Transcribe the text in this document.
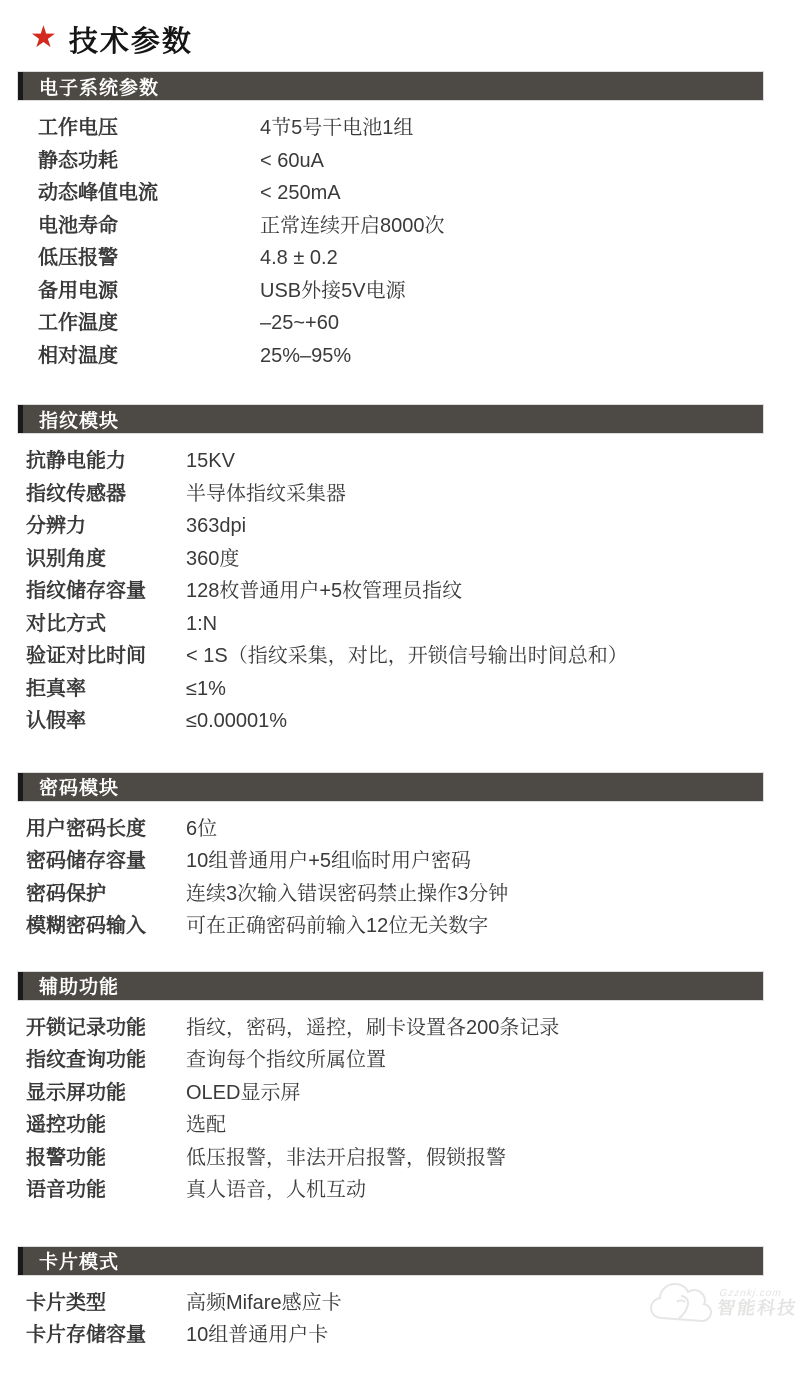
★ 技术参数
电子系统参数
工作电压	4节5号干电池1组
静态功耗	< 60uA
动态峰值电流	< 250mA
电池寿命	正常连续开启8000次
低压报警	4.8 ± 0.2
备用电源	USB外接5V电源
工作温度	–25~+60
相对温度	25%–95%
指纹模块
抗静电能力	15KV
指纹传感器	半导体指纹采集器
分辨力	363dpi
识别角度	360度
指纹储存容量	128枚普通用户+5枚管理员指纹
对比方式	1:N
验证对比时间	< 1S（指纹采集，对比，开锁信号输出时间总和）
拒真率	≤1%
认假率	≤0.00001%
密码模块
用户密码长度	6位
密码储存容量	10组普通用户+5组临时用户密码
密码保护	连续3次输入错误密码禁止操作3分钟
模糊密码输入	可在正确密码前输入12位无关数字
辅助功能
开锁记录功能	指纹，密码，遥控，刷卡设置各200条记录
指纹查询功能	查询每个指纹所属位置
显示屏功能	OLED显示屏
遥控功能	选配
报警功能	低压报警，非法开启报警，假锁报警
语音功能	真人语音，人机互动
卡片模式
卡片类型	高频Mifare感应卡
卡片存储容量	10组普通用户卡
Gzznkj.com
智能科技
